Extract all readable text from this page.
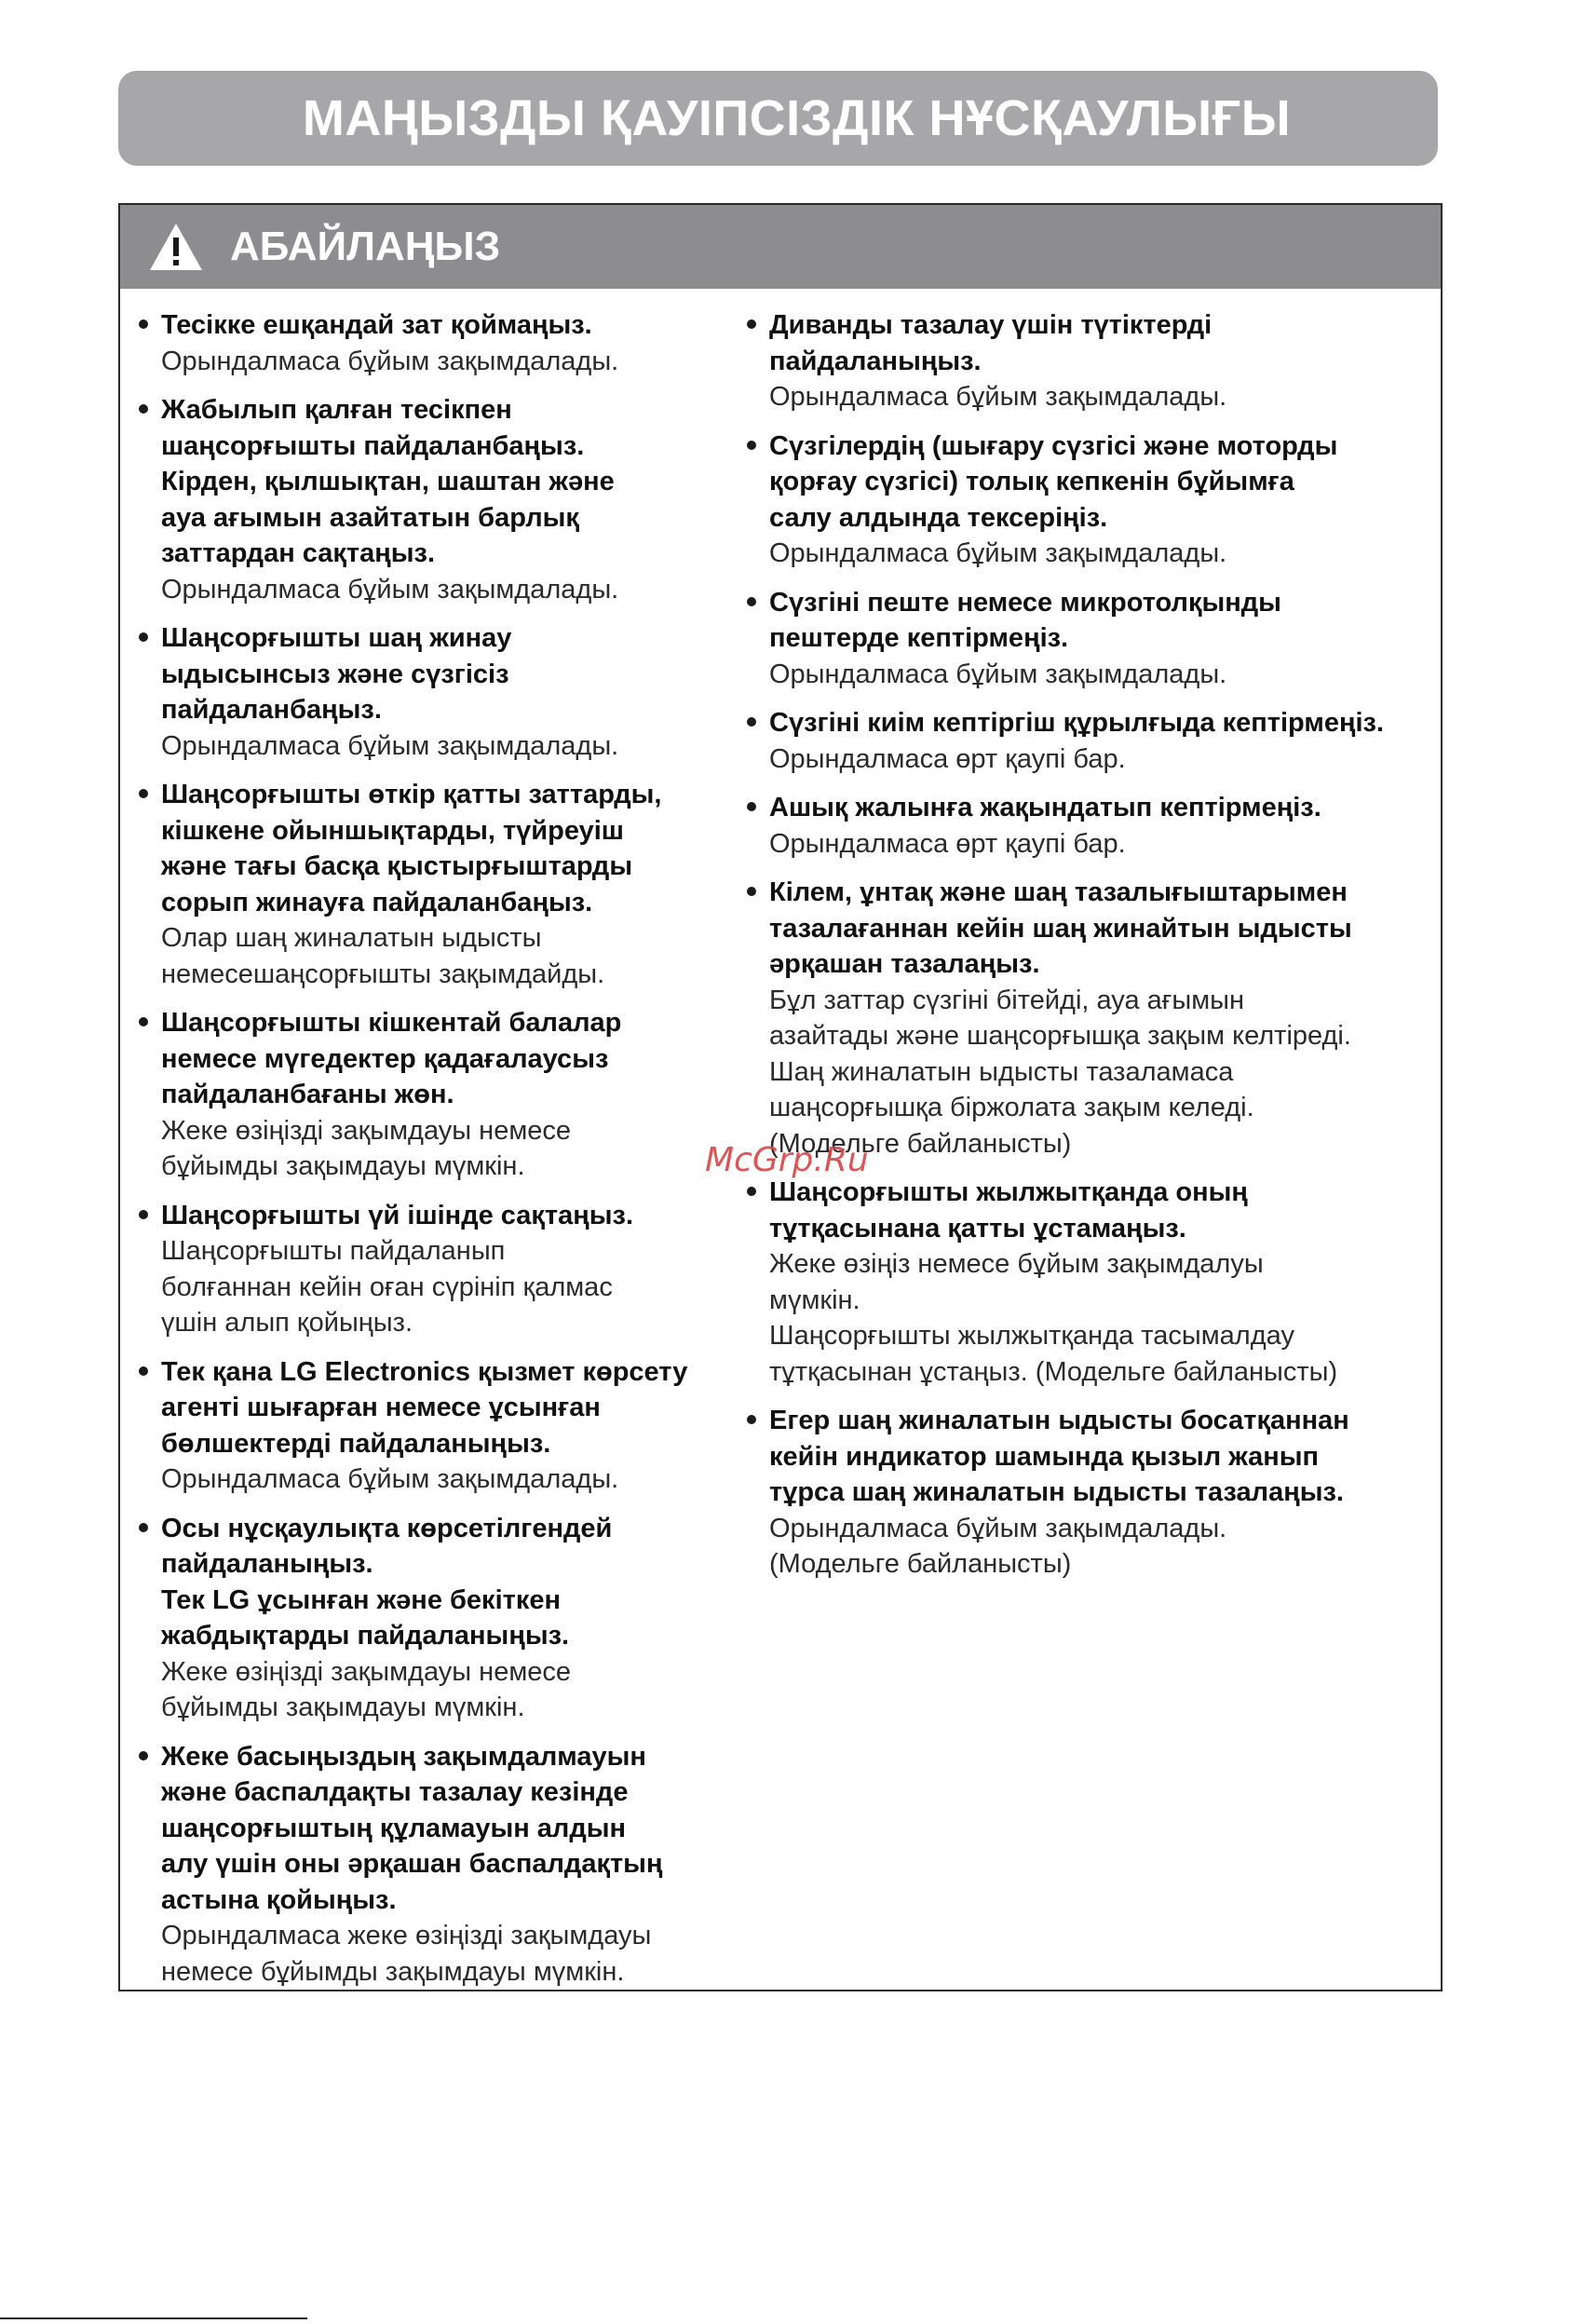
МАҢЫЗДЫ ҚАУІПСІЗДІК НҰСҚАУЛЫҒЫ
АБАЙЛАҢЫЗ
Тесікке ешқандай зат қоймаңыз.
Орындалмаса бұйым зақымдалады.
Жабылып қалған тесікпен
шаңсорғышты пайдаланбаңыз.
Кірден, қылшықтан, шаштан және
ауа ағымын азайтатын барлық
заттардан сақтаңыз.
Орындалмаса бұйым зақымдалады.
Шаңсорғышты шаң жинау
ыдысынсыз және сүзгісіз
пайдаланбаңыз.
Орындалмаса бұйым зақымдалады.
Шаңсорғышты өткір қатты заттарды,
кішкене ойыншықтарды, түйреуіш
және тағы басқа қыстырғыштарды
сорып жинауға пайдаланбаңыз.
Олар шаң жиналатын ыдысты
немесешаңсорғышты зақымдайды.
Шаңсорғышты кішкентай балалар
немесе мүгедектер қадағалаусыз
пайдаланбағаны жөн.
Жеке өзіңізді зақымдауы немесе
бұйымды зақымдауы мүмкін.
Шаңсорғышты үй ішінде сақтаңыз.
Шаңсорғышты пайдаланып
болғаннан кейін оған сүрініп қалмас
үшін алып қойыңыз.
Тек қана LG Electronics қызмет көрсету
агенті шығарған немесе ұсынған
бөлшектерді пайдаланыңыз.
Орындалмаса бұйым зақымдалады.
Осы нұсқаулықта көрсетілгендей
пайдаланыңыз.
Тек LG ұсынған және бекіткен
жабдықтарды пайдаланыңыз.
Жеке өзіңізді зақымдауы немесе
бұйымды зақымдауы мүмкін.
Жеке басыңыздың зақымдалмауын
және баспалдақты тазалау кезінде
шаңсорғыштың құламауын алдын
алу үшін оны әрқашан баспалдақтың
астына қойыңыз.
Орындалмаса жеке өзіңізді зақымдауы
немесе бұйымды зақымдауы мүмкін.
Диванды тазалау үшін түтіктерді
пайдаланыңыз.
Орындалмаса бұйым зақымдалады.
Сүзгілердің (шығару сүзгісі және моторды
қорғау сүзгісі) толық кепкенін бұйымға
салу алдында тексеріңіз.
Орындалмаса бұйым зақымдалады.
Сүзгіні пеште немесе микротолқынды
пештерде кептірмеңіз.
Орындалмаса бұйым зақымдалады.
Сүзгіні киім кептіргіш құрылғыда кептірмеңіз.
Орындалмаса өрт қаупі бар.
Ашық жалынға жақындатып кептірмеңіз.
Орындалмаса өрт қаупі бар.
Кілем, ұнтақ және шаң тазалығыштарымен
тазалағаннан кейін шаң жинайтын ыдысты
әрқашан тазалаңыз.
Бұл заттар сүзгіні бітейді, ауа ағымын
азайтады және шаңсорғышқа зақым келтіреді.
Шаң жиналатын ыдысты тазаламаса
шаңсорғышқа біржолата зақым келеді.
(Модельге байланысты)
Шаңсорғышты жылжытқанда оның
тұтқасынана қатты ұстамаңыз.
Жеке өзіңіз немесе бұйым зақымдалуы
мүмкін.
Шаңсорғышты жылжытқанда тасымалдау
тұтқасынан ұстаңыз. (Модельге байланысты)
Егер шаң жиналатын ыдысты босатқаннан
кейін индикатор шамында қызыл жанып
тұрса шаң жиналатын ыдысты тазалаңыз.
Орындалмаса бұйым зақымдалады.
(Модельге байланысты)
McGrp.Ru
